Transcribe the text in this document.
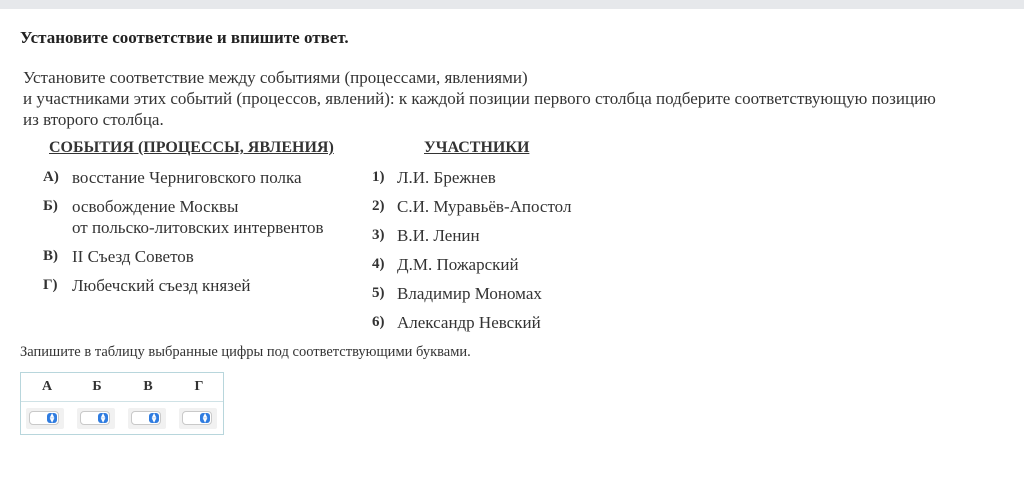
Установите соответствие и впишите ответ.
Установите соответствие между событиями (процессами, явлениями)
и участниками этих событий (процессов, явлений): к каждой позиции первого столбца подберите соответствующую позицию
из второго столбца.
СОБЫТИЯ (ПРОЦЕССЫ, ЯВЛЕНИЯ)	УЧАСТНИКИ
А) восстание Черниговского полка
Б) освобождение Москвы
от польско-литовских интервентов
В) II Съезд Советов
Г) Любечский съезд князей
1) Л.И. Брежнев
2) С.И. Муравьёв-Апостол
3) В.И. Ленин
4) Д.М. Пожарский
5) Владимир Мономах
6) Александр Невский
Запишите в таблицу выбранные цифры под соответствующими буквами.
А	Б	В	Г
▲
▼
▲
▼
▲
▼
▲
▼
